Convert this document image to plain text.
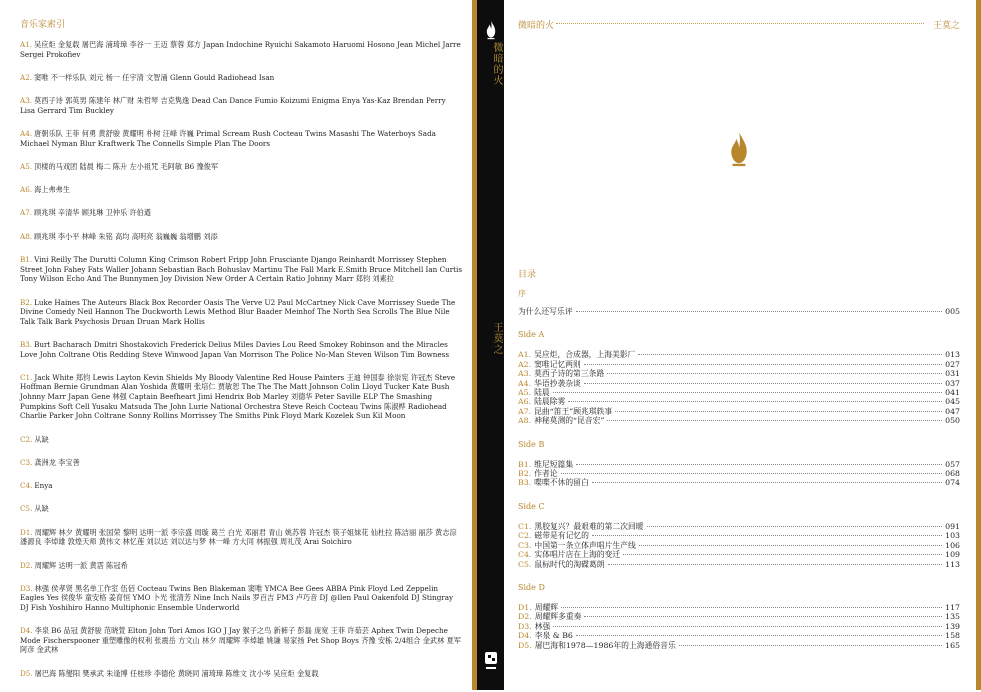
音乐家索引
A1. 吴应炬 金复载 屠巴海 浦琦璋 李谷一 王迈 蔡蓉 郑方 Japan Indochine Ryuichi Sakamoto Haruomi Hosono Jean Michel Jarre Sergei Prokofiev
A2. 窦唯 不一样乐队 刘元 杨一 任宇清 文智涌 Glenn Gould Radiohead Isan
A3. 莫西子诗 郭英男 陈建年 林广财 朱哲琴 吉克隽逸 Dead Can Dance Fumio Koizumi Enigma Enya Yas-Kaz Brendan Perry Lisa Gerrard Tim Buckley
A4. 唐朝乐队 王菲 何勇 黄舒骏 黄耀明 朴树 汪峰 许巍 Primal Scream Rush Cocteau Twins Masashi The Waterboys Sada Michael Nyman Blur Kraftwerk The Connells Simple Plan The Doors
A5. 顶楼的马戏团 陆晨 梅二 陈升 左小祖咒 毛阿敏 B6 豫俊军
A6. 海上弗弗生
A7. 顾兆琪 辛清华 顾兆琳 卫仲乐 许伯遒
A8. 顾兆琪 李小平 林峰 朱铭 高均 高明亮 翁巍巍 翁增鹏 刘添
B1. Vini Reilly The Durutti Column King Crimson Robert Fripp John Frusciante Django Reinhardt Morrissey Stephen Street John Fahey Fats Waller Johann Sebastian Bach Bohuslav Martinu The Fall Mark E.Smith Bruce Mitchell Ian Curtis Tony Wilson Echo And The Bunnymen Joy Division New Order A Certain Ratio Johnny Marr 郑钧 刘素拉
B2. Luke Haines The Auteurs Black Box Recorder Oasis The Verve U2 Paul McCartney Nick Cave Morrissey Suede The Divine Comedy Neil Hannon The Duckworth Lewis Method Blur Baader Meinhof The North Sea Scrolls The Blue Nile Talk Talk Bark Psychosis Druan Druan Mark Hollis
B3. Burt Bacharach Dmitri Shostakovich Frederick Delius Miles Davies Lou Reed Smokey Robinson and the Miracles Love John Coltrane Otis Redding Steve Winwood Japan Van Morrison The Police No-Man Steven Wilson Tim Bowness
C1. Jack White 郑钧 Lewis Layton Kevin Shields My Bloody Valentine Red House Painters 王迪 钟国泰 徐崇宪 许冠杰 Steve Hoffman Bernie Grundman Alan Yoshida 黄耀明 张培仁 贾敏恕 The The The Matt Johnson Colin Lloyd Tucker Kate Bush Johnny Marr Japan Gene 林强 Captain Beefheart Jimi Hendrix Bob Marley 刘德华 Peter Saville ELP The Smashing Pumpkins Soft Cell Yusaku Matsuda The John Lurie National Orchestra Steve Reich Cocteau Twins 陈淑桦 Radiohead Charlie Parker John Coltrane Sonny Rollins Morrissey The Smiths Pink Floyd Mark Kozelek Sun Kil Moon
C2. 从缺
C3. 龚洲龙 李宝善
C4. Enya
C5. 从缺
D1. 周耀辉 林夕 黄耀明 张国荣 黎明 达明一派 李宗盛 周璇 葛兰 白光 邓丽君 青山 姚苏蓉 许冠杰 筷子姐妹花 仙杜拉 陈洁丽 丽莎 黄志淙 潘源良 李焯雄 敦煌天师 黄伟文 林忆莲 刘以达 刘以达与梦 林一峰 方大同 林振强 周礼茂 Arai Soichiro
D2. 周耀辉 达明一派 黄霑 陈冠希
D3. 林强 侯孝贤 黑名单工作室 伍佰 Cocteau Twins Ben Blakeman 窦唯 YMCA Bee Gees ABBA Pink Floyd Led Zeppelin Eagles Yes 侯俊华 童安格 姜育恒 YMO 卜光 张清芳 Nine Inch Nails 罗百吉 FM3 卢巧音 DJ @llen Paul Oakenfold DJ Stingray DJ Fish Yoshihiro Hanno Multiphonic Ensemble Underworld
D4. 李泉 B6 品冠 黄舒骏 范晓萱 Elton John Tori Amos IGO J Jay 猴子之鸟 新裤子 彭磊 庞宽 王菲 许茹芸 Aphex Twin Depeche Mode Fischerspooner 重塑雕像的权利 张震岳 方文山 林夕 周耀辉 李焯雄 姚谦 易家扬 Pet Shop Boys 齐豫 安栋 2/4组合 金武林 夏军 阿彦 金武林
D5. 屠巴海 陈燮阳 樊承武 朱逢博 任桂珍 李德伦 黄晓同 浦琦璋 陈维文 沈小岑 吴应炬 金复载
微暗的火
王莫之
微暗的火	王莫之
目录
序
为什么还写乐评	005
Side A
A1. 吴应炬，合成器，上海美影厂	013
A2. 窦唯记忆两则	027
A3. 莫西子诗的第三条路	031
A4. 华语抄袭杂谈	037
A5. 陆晨	041
A6. 陆晨除雾	045
A7. 昆曲“笛王”顾兆琪轶事	047
A8. 神秘莫测的“昆音宏”	050
Side B
B1. 维尼短篇集	057
B2. 作者论	068
B3. 喋喋不休的留白	074
Side C
C1. 黑胶复兴？最艰难的第二次回暖	091
C2. 磁带是有记忆的	103
C3. 中国第一条立体声唱片生产线	106
C4. 实体唱片店在上海的变迁	109
C5. 鼠标时代的淘碟葛朗	113
Side D
D1. 周耀辉	117
D2. 周耀辉多重奏	135
D3. 林强	139
D4. 李泉 & B6	158
D5. 屠巴海和1978—1986年的上海通俗音乐	165
